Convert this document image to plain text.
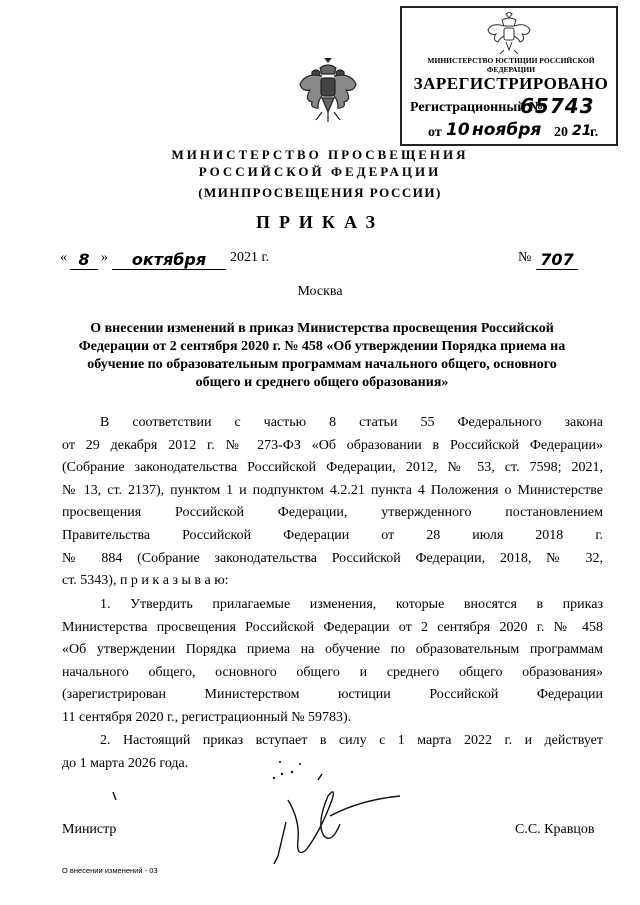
МИНИСТЕРСТВО ЮСТИЦИИ РОССИЙСКОЙ ФЕДЕРАЦИИ
ЗАРЕГИСТРИРОВАНО
Регистрационный №
65743
от 10 ноября 20 21
г.
МИНИСТЕРСТВО ПРОСВЕЩЕНИЯ
РОССИЙСКОЙ ФЕДЕРАЦИИ
(МИНПРОСВЕЩЕНИЯ РОССИИ)
ПРИКАЗ
« 8 »	октября	2021 г.	№ 707
Москва
О внесении изменений в приказ Министерства просвещения Российской Федерации от 2 сентября 2020 г. № 458 «Об утверждении Порядка приема на обучение по образовательным программам начального общего, основного общего и среднего общего образования»
В соответствии с частью 8 статьи 55 Федерального закона
от 29 декабря 2012 г. № 273-ФЗ «Об образовании в Российской Федерации»
(Собрание законодательства Российской Федерации, 2012, № 53, ст. 7598; 2021,
№ 13, ст. 2137), пунктом 1 и подпунктом 4.2.21 пункта 4 Положения о Министерстве
просвещения Российской Федерации, утвержденного постановлением
Правительства Российской Федерации от 28 июля 2018 г.
№ 884 (Собрание законодательства Российской Федерации, 2018, № 32,
ст. 5343), п р и к а з ы в а ю:
1. Утвердить прилагаемые изменения, которые вносятся в приказ
Министерства просвещения Российской Федерации от 2 сентября 2020 г. № 458
«Об утверждении Порядка приема на обучение по образовательным программам
начального общего, основного общего и среднего общего образования»
(зарегистрирован Министерством юстиции Российской Федерации
11 сентября 2020 г., регистрационный № 59783).
2. Настоящий приказ вступает в силу с 1 марта 2022 г. и действует
до 1 марта 2026 года.
Министр	С.С. Кравцов
О внесении изменений - 03
